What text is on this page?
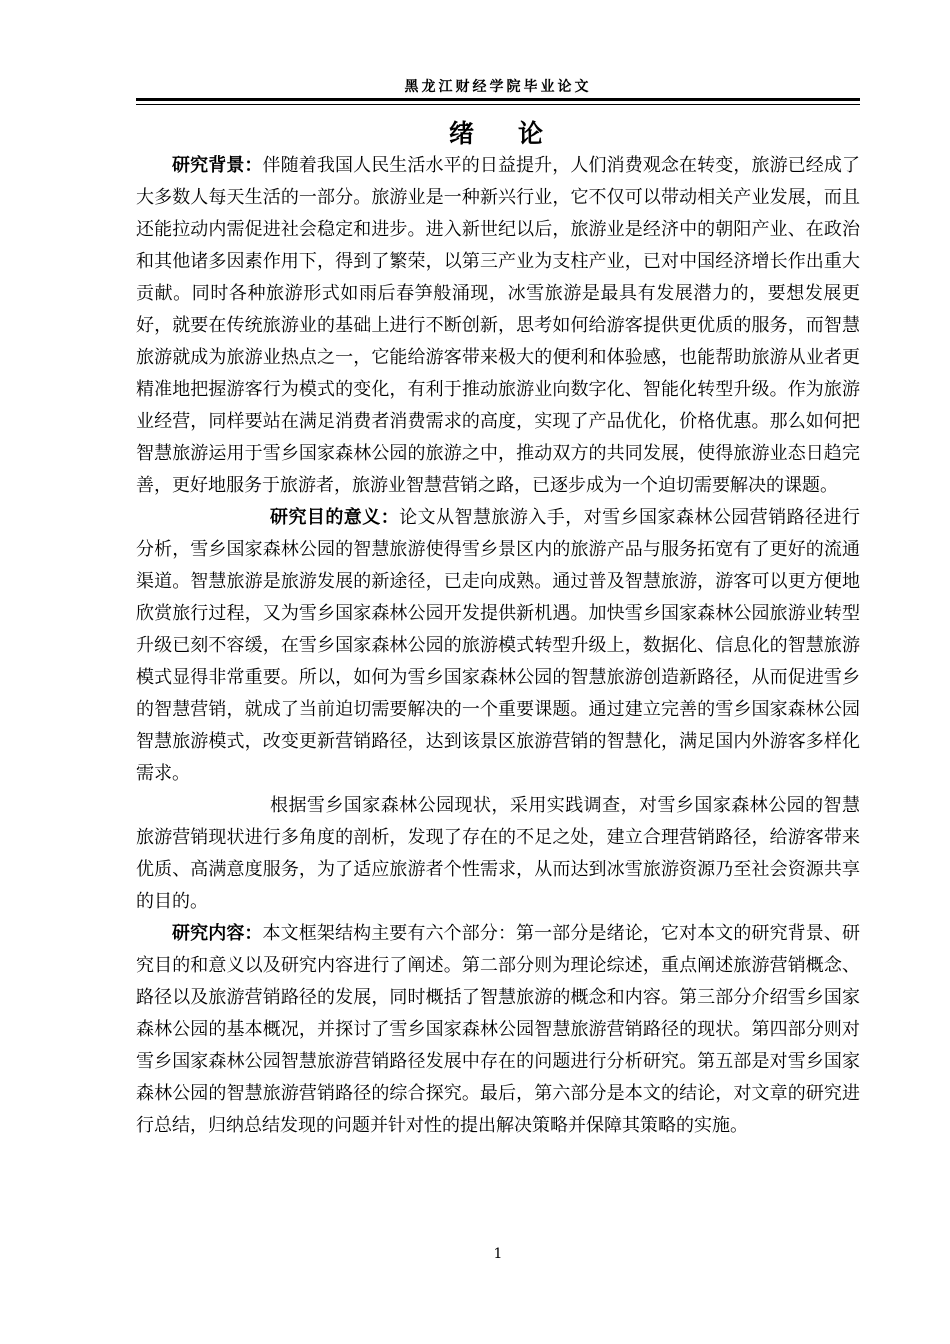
黑龙江财经学院毕业论文
绪 论

研究背景：伴随着我国人民生活水平的日益提升，人们消费观念在转变，旅游已经成了大多数人每天生活的一部分。旅游业是一种新兴行业，它不仅可以带动相关产业发展，而且还能拉动内需促进社会稳定和进步。进入新世纪以后，旅游业是经济中的朝阳产业、在政治和其他诸多因素作用下，得到了繁荣，以第三产业为支柱产业，已对中国经济增长作出重大贡献。同时各种旅游形式如雨后春笋般涌现，冰雪旅游是最具有发展潜力的，要想发展更好，就要在传统旅游业的基础上进行不断创新，思考如何给游客提供更优质的服务，而智慧旅游就成为旅游业热点之一，它能给游客带来极大的便利和体验感，也能帮助旅游从业者更精准地把握游客行为模式的变化，有利于推动旅游业向数字化、智能化转型升级。作为旅游业经营，同样要站在满足消费者消费需求的高度，实现了产品优化，价格优惠。那么如何把智慧旅游运用于雪乡国家森林公园的旅游之中，推动双方的共同发展，使得旅游业态日趋完善，更好地服务于旅游者，旅游业智慧营销之路，已逐步成为一个迫切需要解决的课题。

研究目的意义：论文从智慧旅游入手，对雪乡国家森林公园营销路径进行分析，雪乡国家森林公园的智慧旅游使得雪乡景区内的旅游产品与服务拓宽有了更好的流通渠道。智慧旅游是旅游发展的新途径，已走向成熟。通过普及智慧旅游，游客可以更方便地欣赏旅行过程，又为雪乡国家森林公园开发提供新机遇。加快雪乡国家森林公园旅游业转型升级已刻不容缓，在雪乡国家森林公园的旅游模式转型升级上，数据化、信息化的智慧旅游模式显得非常重要。所以，如何为雪乡国家森林公园的智慧旅游创造新路径，从而促进雪乡的智慧营销，就成了当前迫切需要解决的一个重要课题。通过建立完善的雪乡国家森林公园智慧旅游模式，改变更新营销路径，达到该景区旅游营销的智慧化，满足国内外游客多样化需求。

根据雪乡国家森林公园现状，采用实践调查，对雪乡国家森林公园的智慧旅游营销现状进行多角度的剖析，发现了存在的不足之处，建立合理营销路径，给游客带来优质、高满意度服务，为了适应旅游者个性需求，从而达到冰雪旅游资源乃至社会资源共享的目的。

研究内容：本文框架结构主要有六个部分：第一部分是绪论，它对本文的研究背景、研究目的和意义以及研究内容进行了阐述。第二部分则为理论综述，重点阐述旅游营销概念、路径以及旅游营销路径的发展，同时概括了智慧旅游的概念和内容。第三部分介绍雪乡国家森林公园的基本概况，并探讨了雪乡国家森林公园智慧旅游营销路径的现状。第四部分则对雪乡国家森林公园智慧旅游营销路径发展中存在的问题进行分析研究。第五部是对雪乡国家森林公园的智慧旅游营销路径的综合探究。最后，第六部分是本文的结论，对文章的研究进行总结，归纳总结发现的问题并针对性的提出解决策略并保障其策略的实施。

1
